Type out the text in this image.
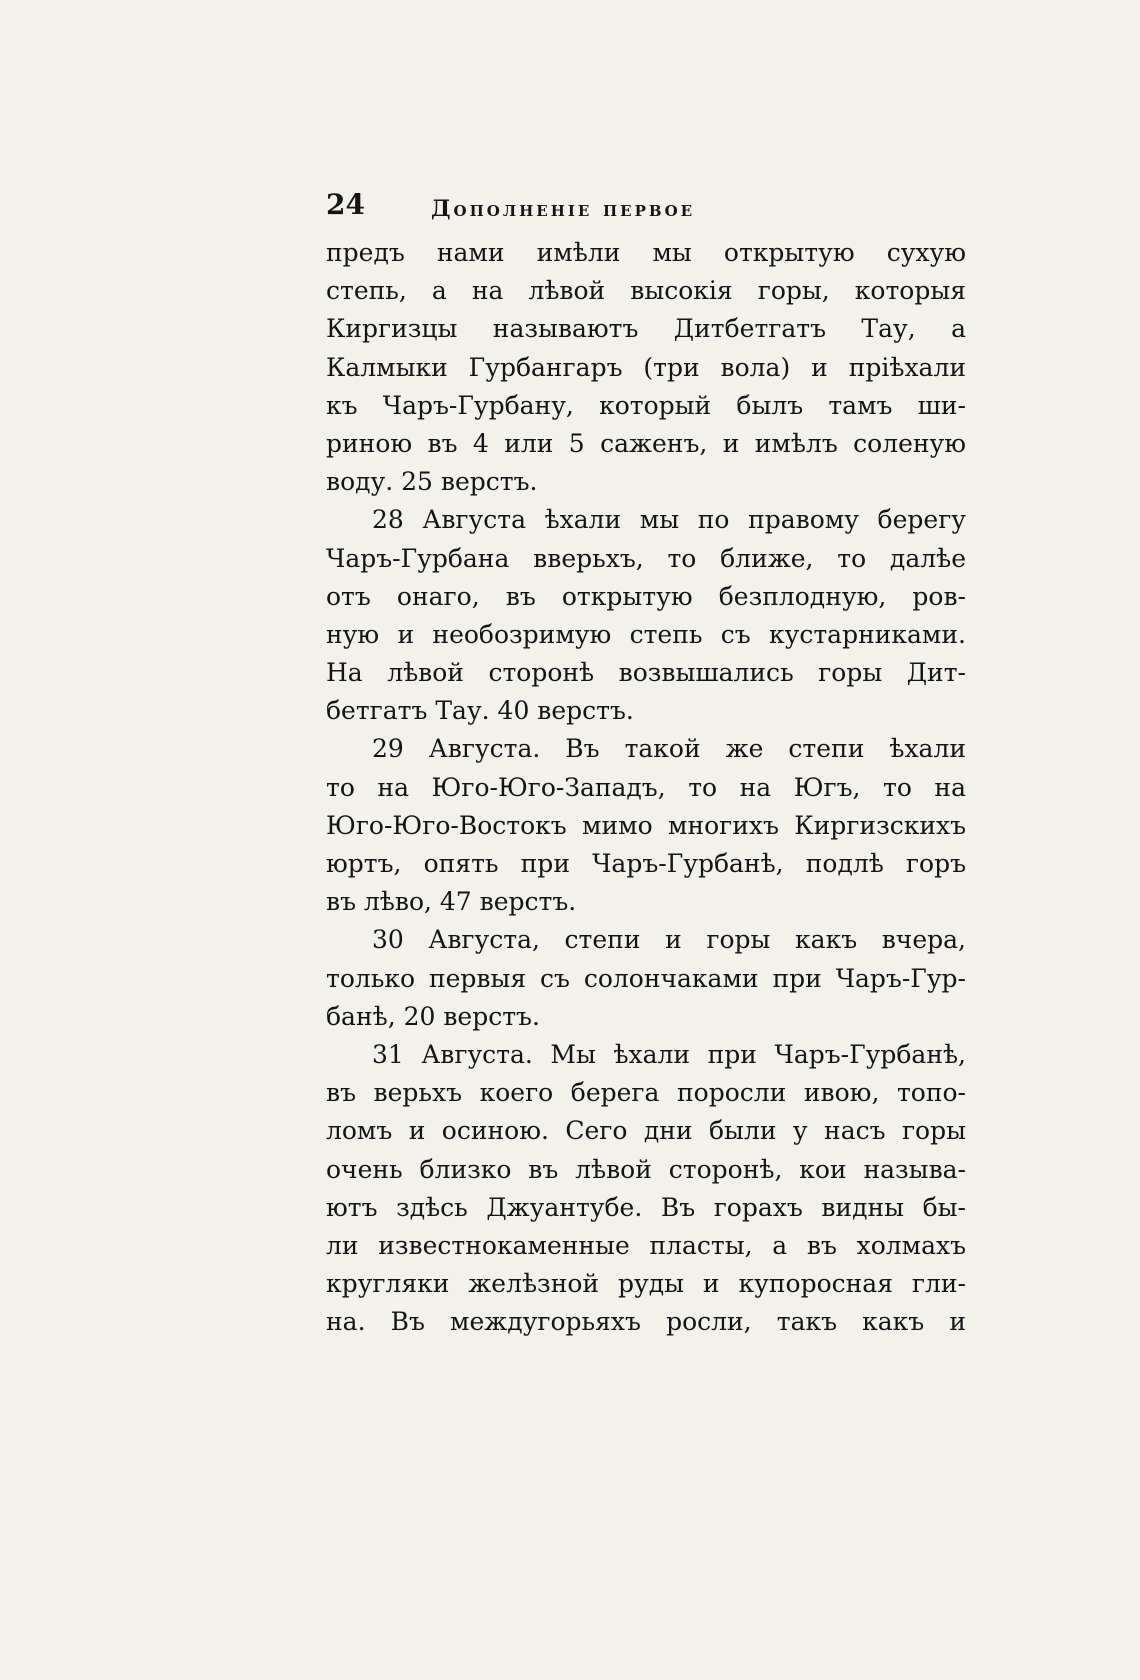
24	Дополненіе первое
предъ нами имѣли мы открытую сухую
степь, а на лѣвой высокія горы, которыя
Киргизцы называютъ Дитбетгатъ Тау, а
Калмыки Гурбангаръ (три вола) и пріѣхали
къ Чаръ-Гурбану, который былъ тамъ ши-
риною въ 4 или 5 саженъ, и имѣлъ соленую
воду. 25 верстъ.
28 Августа ѣхали мы по правому берегу
Чаръ-Гурбана вверьхъ, то ближе, то далѣе
отъ онаго, въ открытую безплодную, ров-
ную и необозримую степь съ кустарниками.
На лѣвой сторонѣ возвышались горы Дит-
бетгатъ Тау. 40 верстъ.
29 Августа. Въ такой же степи ѣхали
то на Юго-Юго-Западъ, то на Югъ, то на
Юго-Юго-Востокъ мимо многихъ Киргизскихъ
юртъ, опять при Чаръ-Гурбанѣ, подлѣ горъ
въ лѣво, 47 верстъ.
30 Августа, степи и горы какъ вчера,
только первыя съ солончаками при Чаръ-Гур-
банѣ, 20 верстъ.
31 Августа. Мы ѣхали при Чаръ-Гурбанѣ,
въ верьхъ коего берега поросли ивою, топо-
ломъ и осиною. Сего дни были у насъ горы
очень близко въ лѣвой сторонѣ, кои называ-
ютъ здѣсь Джуантубе. Въ горахъ видны бы-
ли известнокаменные пласты, а въ холмахъ
кругляки желѣзной руды и купоросная гли-
на. Въ междугорьяхъ росли, такъ какъ и
